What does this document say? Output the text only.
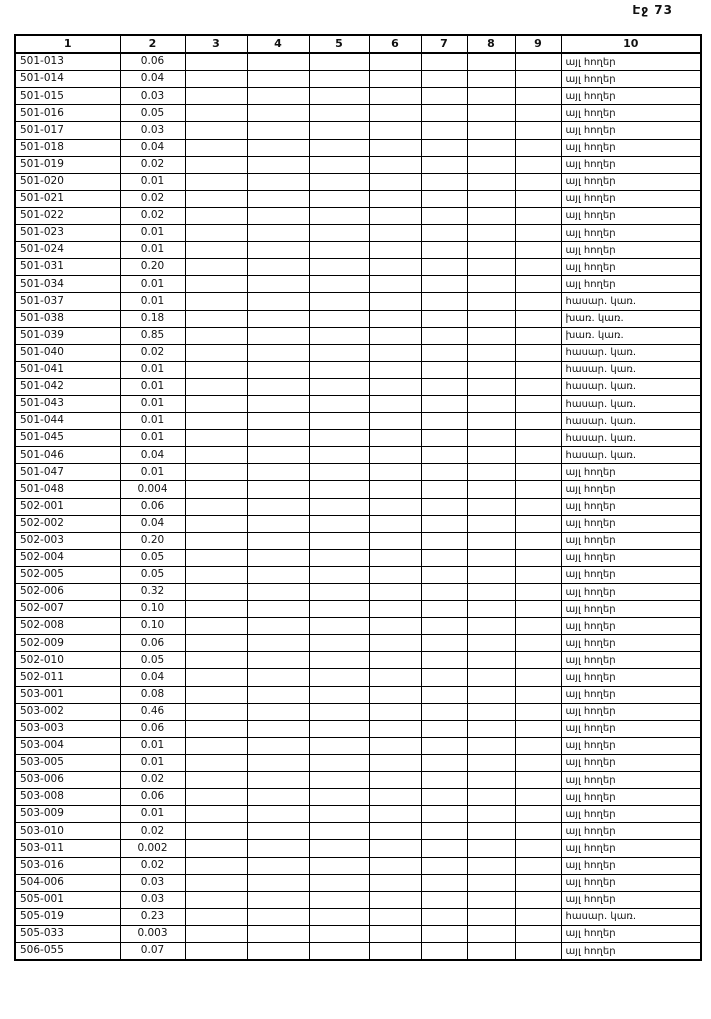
Էջ 73
1	2	3	4	5	6	7	8	9	10
501-013	0.06								այլ հողեր
501-014	0.04								այլ հողեր
501-015	0.03								այլ հողեր
501-016	0.05								այլ հողեր
501-017	0.03								այլ հողեր
501-018	0.04								այլ հողեր
501-019	0.02								այլ հողեր
501-020	0.01								այլ հողեր
501-021	0.02								այլ հողեր
501-022	0.02								այլ հողեր
501-023	0.01								այլ հողեր
501-024	0.01								այլ հողեր
501-031	0.20								այլ հողեր
501-034	0.01								այլ հողեր
501-037	0.01								հասար. կառ.
501-038	0.18								խառ. կառ.
501-039	0.85								խառ. կառ.
501-040	0.02								հասար. կառ.
501-041	0.01								հասար. կառ.
501-042	0.01								հասար. կառ.
501-043	0.01								հասար. կառ.
501-044	0.01								հասար. կառ.
501-045	0.01								հասար. կառ.
501-046	0.04								հասար. կառ.
501-047	0.01								այլ հողեր
501-048	0.004								այլ հողեր
502-001	0.06								այլ հողեր
502-002	0.04								այլ հողեր
502-003	0.20								այլ հողեր
502-004	0.05								այլ հողեր
502-005	0.05								այլ հողեր
502-006	0.32								այլ հողեր
502-007	0.10								այլ հողեր
502-008	0.10								այլ հողեր
502-009	0.06								այլ հողեր
502-010	0.05								այլ հողեր
502-011	0.04								այլ հողեր
503-001	0.08								այլ հողեր
503-002	0.46								այլ հողեր
503-003	0.06								այլ հողեր
503-004	0.01								այլ հողեր
503-005	0.01								այլ հողեր
503-006	0.02								այլ հողեր
503-008	0.06								այլ հողեր
503-009	0.01								այլ հողեր
503-010	0.02								այլ հողեր
503-011	0.002								այլ հողեր
503-016	0.02								այլ հողեր
504-006	0.03								այլ հողեր
505-001	0.03								այլ հողեր
505-019	0.23								հասար. կառ.
505-033	0.003								այլ հողեր
506-055	0.07								այլ հողեր
